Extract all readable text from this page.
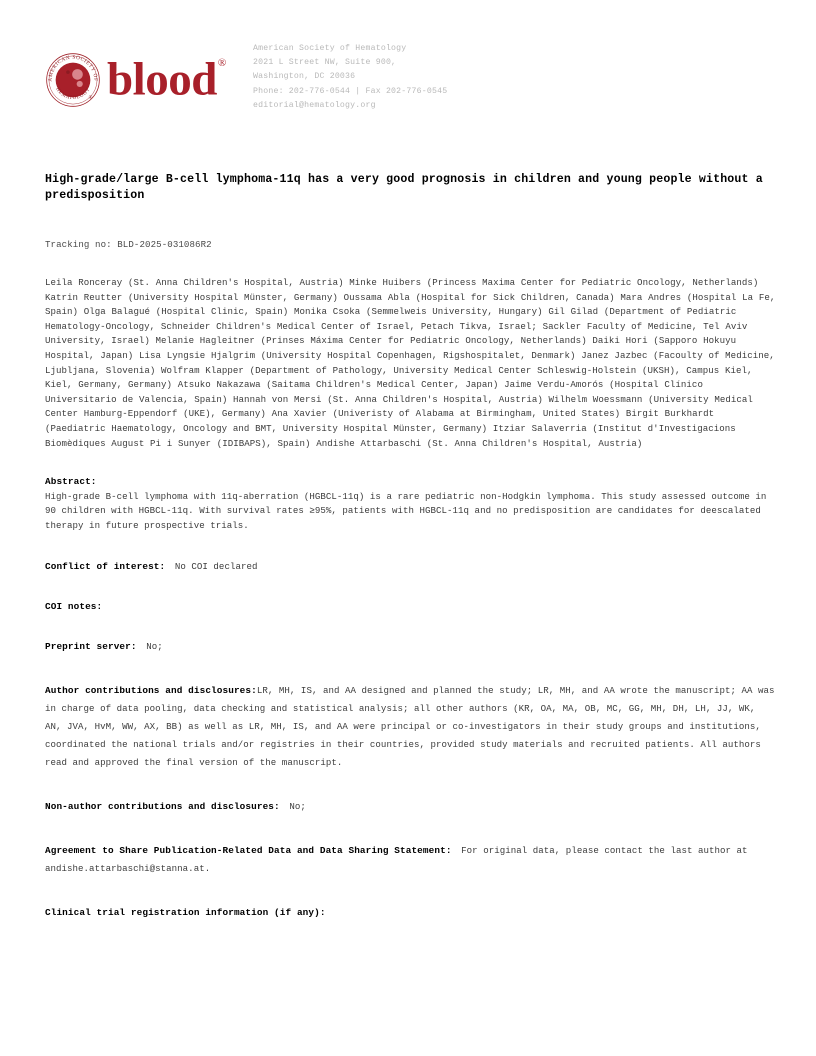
AMERICAN SOCIETY OF
HEMATOLOGY
® blood®
American Society of Hematology
2021 L Street NW, Suite 900,
Washington, DC 20036
Phone: 202-776-0544 | Fax 202-776-0545
editorial@hematology.org
High-grade/large B-cell lymphoma-11q has a very good prognosis in children and young people without a predisposition
Tracking no: BLD-2025-031086R2
Leila Ronceray (St. Anna Children's Hospital, Austria) Minke Huibers (Princess Maxima Center for Pediatric Oncology, Netherlands) Katrin Reutter (University Hospital Münster, Germany) Oussama Abla (Hospital for Sick Children, Canada) Mara Andres (Hospital La Fe, Spain) Olga Balagué (Hospital Clinic, Spain) Monika Csoka (Semmelweis University, Hungary) Gil Gilad (Department of Pediatric Hematology-Oncology, Schneider Children's Medical Center of Israel, Petach Tikva, Israel; Sackler Faculty of Medicine, Tel Aviv University, Israel) Melanie Hagleitner (Prinses Máxima Center for Pediatric Oncology, Netherlands) Daiki Hori (Sapporo Hokuyu Hospital, Japan) Lisa Lyngsie Hjalgrim (University Hospital Copenhagen, Rigshospitalet, Denmark) Janez Jazbec (Facoulty of Medicine, Ljubljana, Slovenia) Wolfram Klapper (Department of Pathology, University Medical Center Schleswig-Holstein (UKSH), Campus Kiel, Kiel, Germany, Germany) Atsuko Nakazawa (Saitama Children's Medical Center, Japan) Jaime Verdu-Amorós (Hospital Clínico Universitario de Valencia, Spain) Hannah von Mersi (St. Anna Children's Hospital, Austria) Wilhelm Woessmann (University Medical Center Hamburg-Eppendorf (UKE), Germany) Ana Xavier (Univeristy of Alabama at Birmingham, United States) Birgit Burkhardt (Paediatric Haematology, Oncology and BMT, University Hospital Münster, Germany) Itziar Salaverria (Institut d'Investigacions Biomèdiques August Pi i Sunyer (IDIBAPS), Spain) Andishe Attarbaschi (St. Anna Children's Hospital, Austria)
Abstract:
High-grade B-cell lymphoma with 11q-aberration (HGBCL-11q) is a rare pediatric non-Hodgkin lymphoma. This study assessed outcome in 90 children with HGBCL-11q. With survival rates ≥95%, patients with HGBCL-11q and no predisposition are candidates for deescalated therapy in future prospective trials.
Conflict of interest: No COI declared
COI notes:
Preprint server: No;
Author contributions and disclosures:LR, MH, IS, and AA designed and planned the study; LR, MH, and AA wrote the manuscript; AA was in charge of data pooling, data checking and statistical analysis; all other authors (KR, OA, MA, OB, MC, GG, MH, DH, LH, JJ, WK, AN, JVA, HvM, WW, AX, BB) as well as LR, MH, IS, and AA were principal or co-investigators in their study groups and institutions, coordinated the national trials and/or registries in their countries, provided study materials and recruited patients. All authors read and approved the final version of the manuscript.
Non-author contributions and disclosures: No;
Agreement to Share Publication-Related Data and Data Sharing Statement: For original data, please contact the last author at andishe.attarbaschi@stanna.at.
Clinical trial registration information (if any):
